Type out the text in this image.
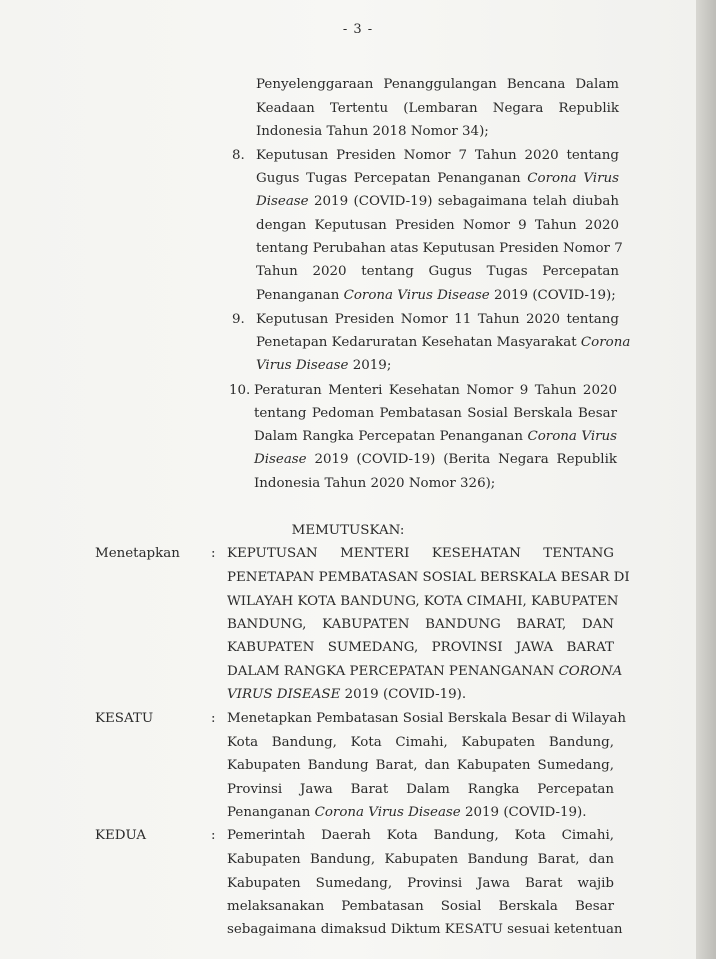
- 3 -
Penyelenggaraan Penanggulangan Bencana Dalam
Keadaan Tertentu (Lembaran Negara Republik
Indonesia Tahun 2018 Nomor 34);
8. Keputusan Presiden Nomor 7 Tahun 2020 tentang
Gugus Tugas Percepatan Penanganan Corona Virus
Disease 2019 (COVID-19) sebagaimana telah diubah
dengan Keputusan Presiden Nomor 9 Tahun 2020
tentang Perubahan atas Keputusan Presiden Nomor 7
Tahun 2020 tentang Gugus Tugas Percepatan
Penanganan Corona Virus Disease 2019 (COVID-19);
9. Keputusan Presiden Nomor 11 Tahun 2020 tentang
Penetapan Kedaruratan Kesehatan Masyarakat Corona
Virus Disease 2019;
10. Peraturan Menteri Kesehatan Nomor 9 Tahun 2020
tentang Pedoman Pembatasan Sosial Berskala Besar
Dalam Rangka Percepatan Penanganan Corona Virus
Disease 2019 (COVID-19) (Berita Negara Republik
Indonesia Tahun 2020 Nomor 326);
MEMUTUSKAN:
Menetapkan : KEPUTUSAN MENTERI KESEHATAN TENTANG
PENETAPAN PEMBATASAN SOSIAL BERSKALA BESAR DI
WILAYAH KOTA BANDUNG, KOTA CIMAHI, KABUPATEN
BANDUNG, KABUPATEN BANDUNG BARAT, DAN
KABUPATEN SUMEDANG, PROVINSI JAWA BARAT
DALAM RANGKA PERCEPATAN PENANGANAN CORONA
VIRUS DISEASE 2019 (COVID-19).
KESATU	: Menetapkan Pembatasan Sosial Berskala Besar di Wilayah
Kota Bandung, Kota Cimahi, Kabupaten Bandung,
Kabupaten Bandung Barat, dan Kabupaten Sumedang,
Provinsi Jawa Barat Dalam Rangka Percepatan
Penanganan Corona Virus Disease 2019 (COVID-19).
KEDUA	: Pemerintah Daerah Kota Bandung, Kota Cimahi,
Kabupaten Bandung, Kabupaten Bandung Barat, dan
Kabupaten Sumedang, Provinsi Jawa Barat wajib
melaksanakan Pembatasan Sosial Berskala Besar
sebagaimana dimaksud Diktum KESATU sesuai ketentuan
